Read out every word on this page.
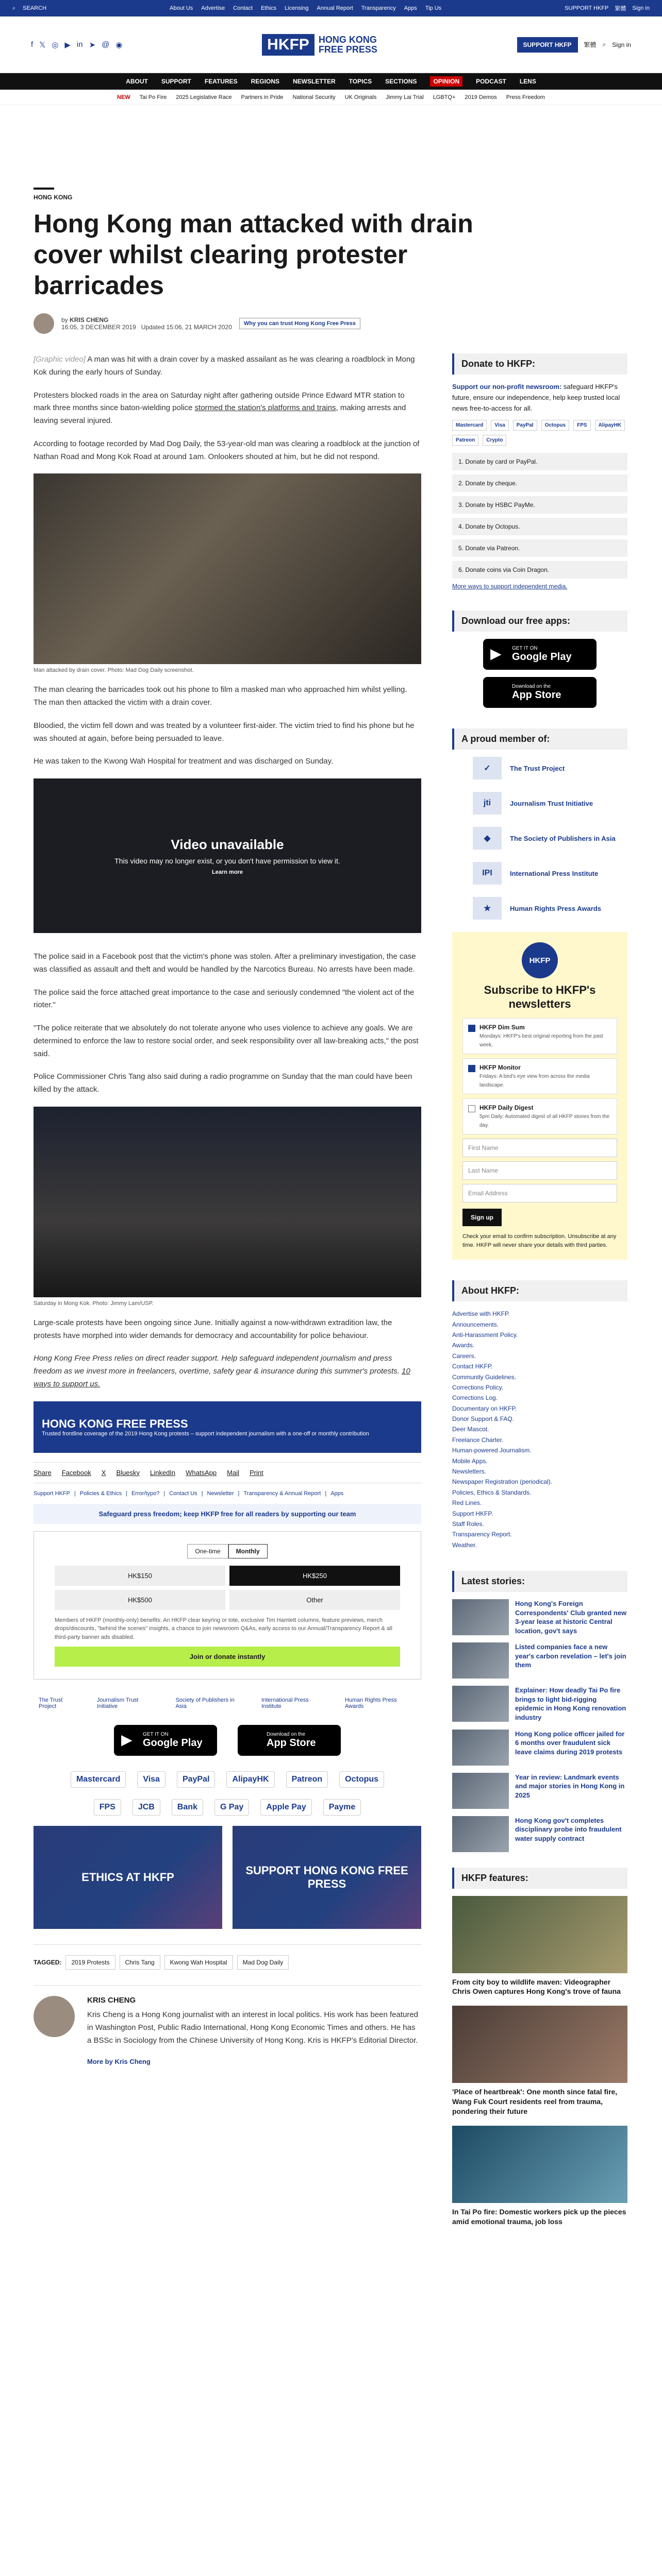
⌕ SEARCH	About Us Advertise Contact Ethics Licensing Annual Report Transparency Apps Tip Us	SUPPORT HKFP 繁體 Sign in
f 𝕏 ◎ ▶ in ➤ @ ◉	HKFP	HONG KONG
FREE PRESS	SUPPORT HKFP	繁體 ⌕ Sign in
ABOUT SUPPORT FEATURES REGIONS NEWSLETTER TOPICS SECTIONS	OPINION	PODCAST LENS
NEW Tai Po Fire 2025 Legislative Race Partners in Pride National Security UK Originals Jimmy Lai Trial LGBTQ+ 2019 Demos Press Freedom
HONG KONG
Hong Kong man attacked with drain cover whilst clearing protester barricades
by KRIS CHENG
16:05, 3 DECEMBER 2019 Updated 15:06, 21 MARCH 2020	Why you can trust Hong Kong Free Press

[Graphic video] A man was hit with a drain cover by a masked assailant as he was clearing a roadblock in Mong Kok during the early hours of Sunday.

Protesters blocked roads in the area on Saturday night after gathering outside Prince Edward MTR station to mark three months since baton-wielding police stormed the station's platforms and trains, making arrests and leaving several injured.

According to footage recorded by Mad Dog Daily, the 53-year-old man was clearing a roadblock at the junction of Nathan Road and Mong Kok Road at around 1am. Onlookers shouted at him, but he did not respond.

Man attacked by drain cover. Photo: Mad Dog Daily screenshot.

The man clearing the barricades took out his phone to film a masked man who approached him whilst yelling. The man then attacked the victim with a drain cover.

Bloodied, the victim fell down and was treated by a volunteer first-aider. The victim tried to find his phone but he was shouted at again, before being persuaded to leave.

He was taken to the Kwong Wah Hospital for treatment and was discharged on Sunday.

Video unavailable
This video may no longer exist, or you don't have permission to view it.
Learn more

The police said in a Facebook post that the victim's phone was stolen. After a preliminary investigation, the case was classified as assault and theft and would be handled by the Narcotics Bureau. No arrests have been made.

The police said the force attached great importance to the case and seriously condemned "the violent act of the rioter."

"The police reiterate that we absolutely do not tolerate anyone who uses violence to achieve any goals. We are determined to enforce the law to restore social order, and seek responsibility over all law-breaking acts," the post said.

Police Commissioner Chris Tang also said during a radio programme on Sunday that the man could have been killed by the attack.

Saturday in Mong Kok. Photo: Jimmy Lam/USP.

Large-scale protests have been ongoing since June. Initially against a now-withdrawn extradition law, the protests have morphed into wider demands for democracy and accountability for police behaviour.

Hong Kong Free Press relies on direct reader support. Help safeguard independent journalism and press freedom as we invest more in freelancers, overtime, safety gear & insurance during this summer's protests. 10 ways to support us.

HONG KONG FREE PRESS
Trusted frontline coverage of the 2019 Hong Kong protests – support independent journalism with a one-off or monthly contribution
Share Facebook X Bluesky LinkedIn WhatsApp Mail Print
Support HKFP | Policies & Ethics | Error/typo? | Contact Us | Newsletter | Transparency & Annual Report | Apps
Safeguard press freedom; keep HKFP free for all readers by supporting our team
One-time	Monthly
HK$150	HK$250
HK$500	Other
Members of HKFP (monthly-only) benefits: An HKFP clear keyring or tote, exclusive Tim Hamlett columns, feature previews, merch drops/discounts, "behind the scenes" insights, a chance to join newsroom Q&As, early access to our Annual/Transparency Report & all third-party banner ads disabled.
Join or donate instantly
The Trust Project
Journalism Trust Initiative
Society of Publishers in Asia
International Press Institute
Human Rights Press Awards
▶ GET IT ON
Google Play
Download on the
App Store
Mastercard	Visa	PayPal	AlipayHK	Patreon	Octopus
FPS	JCB	Bank	G Pay	Apple Pay	Payme
ETHICS AT HKFP
SUPPORT HONG KONG FREE PRESS
TAGGED:	2019 Protests	Chris Tang	Kwong Wah Hospital	Mad Dog Daily
KRIS CHENG

Kris Cheng is a Hong Kong journalist with an interest in local politics. His work has been featured in Washington Post, Public Radio International, Hong Kong Economic Times and others. He has a BSSc in Sociology from the Chinese University of Hong Kong. Kris is HKFP's Editorial Director.

More by Kris Cheng
Donate to HKFP:

Support our non-profit newsroom: safeguard HKFP's future, ensure our independence, help keep trusted local news free-to-access for all.

Mastercard	Visa	PayPal	Octopus	FPS	AlipayHK
Patreon	Crypto
1. Donate by card or PayPal.
2. Donate by cheque.
3. Donate by HSBC PayMe.
4. Donate by Octopus.
5. Donate via Patreon.
6. Donate coins via Coin Dragon.
More ways to support independent media.
Download our free apps:
▶ GET IT ON
Google Play
Download on the
App Store
A proud member of:
✓	The Trust Project
jti	Journalism Trust Initiative
◆	The Society of Publishers in Asia
IPI	International Press Institute
★	Human Rights Press Awards
HKFP
Subscribe to HKFP's newsletters
HKFP Dim Sum
Mondays: HKFP's best original reporting from the past week.
HKFP Monitor
Fridays: A bird's eye view from across the media landscape.
HKFP Daily Digest
5pm Daily: Automated digest of all HKFP stories from the day.
First Name
Last Name
Email Address
Sign up
Check your email to confirm subscription. Unsubscribe at any time. HKFP will never share your details with third parties.
About HKFP:
Advertise with HKFP.
Announcements.
Anti-Harassment Policy.
Awards.
Careers.
Contact HKFP.
Community Guidelines.
Corrections Policy.
Corrections Log.
Documentary on HKFP.
Donor Support & FAQ.
Deer Mascot.
Freelance Charter.
Human-powered Journalism.
Mobile Apps.
Newsletters.
Newspaper Registration (periodical).
Policies, Ethics & Standards.
Red Lines.
Support HKFP.
Staff Roles.
Transparency Report.
Weather.
Latest stories:
Hong Kong's Foreign Correspondents' Club granted new 3-year lease at historic Central location, gov't says
Listed companies face a new year's carbon revelation – let's join them
Explainer: How deadly Tai Po fire brings to light bid-rigging epidemic in Hong Kong renovation industry
Hong Kong police officer jailed for 6 months over fraudulent sick leave claims during 2019 protests
Year in review: Landmark events and major stories in Hong Kong in 2025
Hong Kong gov't completes disciplinary probe into fraudulent water supply contract
HKFP features:
From city boy to wildlife maven: Videographer Chris Owen captures Hong Kong's trove of fauna
'Place of heartbreak': One month since fatal fire, Wang Fuk Court residents reel from trauma, pondering their future
In Tai Po fire: Domestic workers pick up the pieces amid emotional trauma, job loss
